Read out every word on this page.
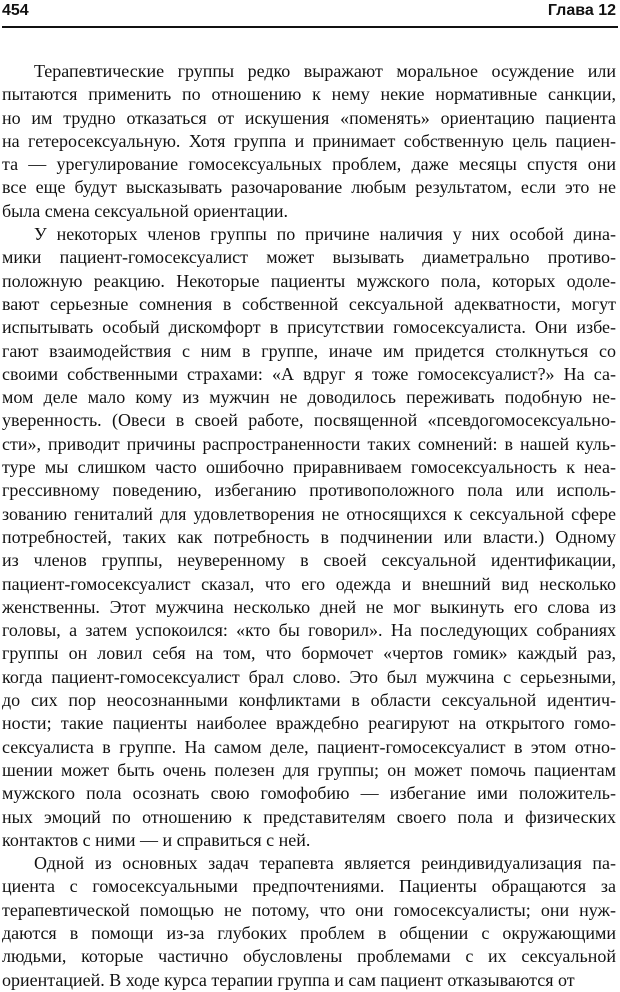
454	Глава 12
Терапевтические группы редко выражают моральное осуждение или
пытаются применить по отношению к нему некие нормативные санкции,
но им трудно отказаться от искушения «поменять» ориентацию пациента
на гетеросексуальную. Хотя группа и принимает собственную цель пациен-
та — урегулирование гомосексуальных проблем, даже месяцы спустя они
все еще будут высказывать разочарование любым результатом, если это не
была смена сексуальной ориентации.
У некоторых членов группы по причине наличия у них особой дина-
мики пациент-гомосексуалист может вызывать диаметрально противо-
положную реакцию. Некоторые пациенты мужского пола, которых одоле-
вают серьезные сомнения в собственной сексуальной адекватности, могут
испытывать особый дискомфорт в присутствии гомосексуалиста. Они избе-
гают взаимодействия с ним в группе, иначе им придется столкнуться со
своими собственными страхами: «А вдруг я тоже гомосексуалист?» На са-
мом деле мало кому из мужчин не доводилось переживать подобную не-
уверенность. (Овеси в своей работе, посвященной «псевдогомосексуально-
сти», приводит причины распространенности таких сомнений: в нашей куль-
туре мы слишком часто ошибочно приравниваем гомосексуальность к неа-
грессивному поведению, избеганию противоположного пола или исполь-
зованию гениталий для удовлетворения не относящихся к сексуальной сфере
потребностей, таких как потребность в подчинении или власти.) Одному
из членов группы, неуверенному в своей сексуальной идентификации,
пациент-гомосексуалист сказал, что его одежда и внешний вид несколько
женственны. Этот мужчина несколько дней не мог выкинуть его слова из
головы, а затем успокоился: «кто бы говорил». На последующих собраниях
группы он ловил себя на том, что бормочет «чертов гомик» каждый раз,
когда пациент-гомосексуалист брал слово. Это был мужчина с серьезными,
до сих пор неосознанными конфликтами в области сексуальной идентич-
ности; такие пациенты наиболее враждебно реагируют на открытого гомо-
сексуалиста в группе. На самом деле, пациент-гомосексуалист в этом отно-
шении может быть очень полезен для группы; он может помочь пациентам
мужского пола осознать свою гомофобию — избегание ими положитель-
ных эмоций по отношению к представителям своего пола и физических
контактов с ними — и справиться с ней.
Одной из основных задач терапевта является реиндивидуализация па-
циента с гомосексуальными предпочтениями. Пациенты обращаются за
терапевтической помощью не потому, что они гомосексуалисты; они нуж-
даются в помощи из-за глубоких проблем в общении с окружающими
людьми, которые частично обусловлены проблемами с их сексуальной
ориентацией. В ходе курса терапии группа и сам пациент отказываются от
